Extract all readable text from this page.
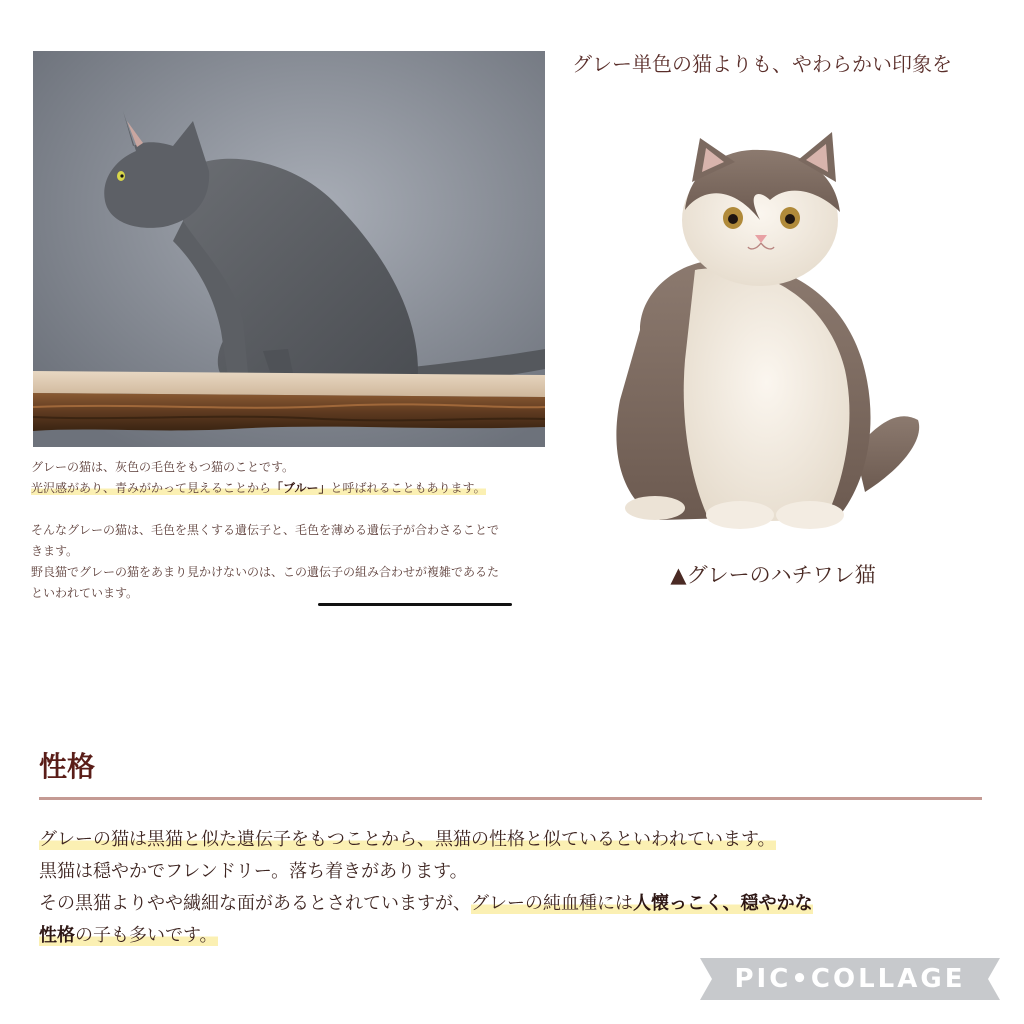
グレーの猫は、灰色の毛色をもつ猫のことです。

光沢感があり、青みがかって見えることから「ブルー」と呼ばれることもあります。

そんなグレーの猫は、毛色を黒くする遺伝子と、毛色を薄める遺伝子が合わさることで

きます。

野良猫でグレーの猫をあまり見かけないのは、この遺伝子の組み合わせが複雑であるた

といわれています。

グレー単色の猫よりも、やわらかい印象を
▲グレーのハチワレ猫
性格

グレーの猫は黒猫と似た遺伝子をもつことから、黒猫の性格と似ているといわれています。

黒猫は穏やかでフレンドリー。落ち着きがあります。

その黒猫よりやや繊細な面があるとされていますが、グレーの純血種には人懐っこく、穏やかな

性格の子も多いです。

PIC•COLLAGE
